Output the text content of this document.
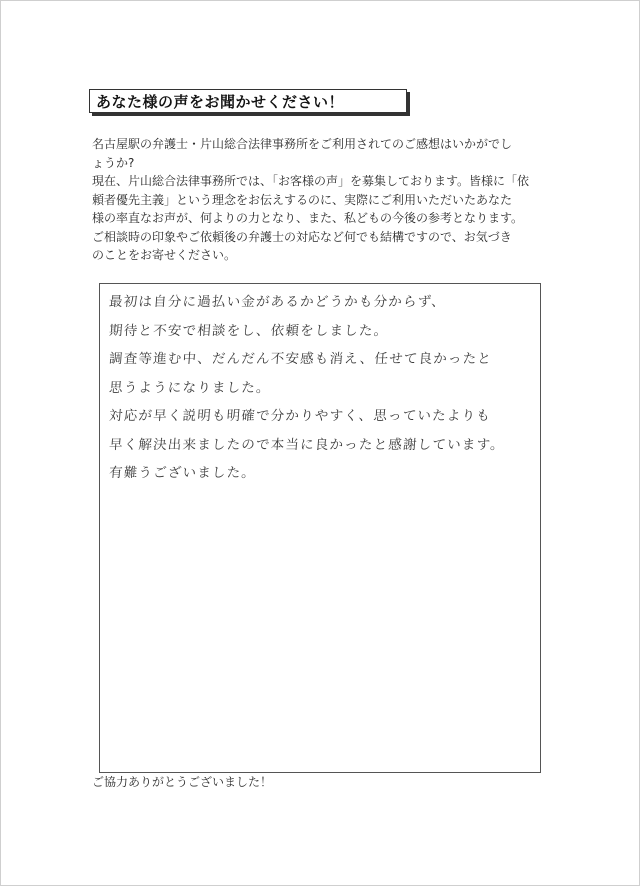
あなた様の声をお聞かせください！

名古屋駅の弁護士・片山総合法律事務所をご利用されてのご感想はいかがでし

ょうか?

現在、片山総合法律事務所では、「お客様の声」を募集しております。皆様に「依

頼者優先主義」という理念をお伝えするのに、実際にご利用いただいたあなた

様の率直なお声が、何よりの力となり、また、私どもの今後の参考となります。

ご相談時の印象やご依頼後の弁護士の対応など何でも結構ですので、お気づき

のことをお寄せください。

最初は自分に過払い金があるかどうかも分からず、
期待と不安で相談をし、依頼をしました。
調査等進む中、だんだん不安感も消え、任せて良かったと
思うようになりました。
対応が早く説明も明確で分かりやすく、思っていたよりも
早く解決出来ましたので本当に良かったと感謝しています。
有難うございました。
ご協力ありがとうございました！
